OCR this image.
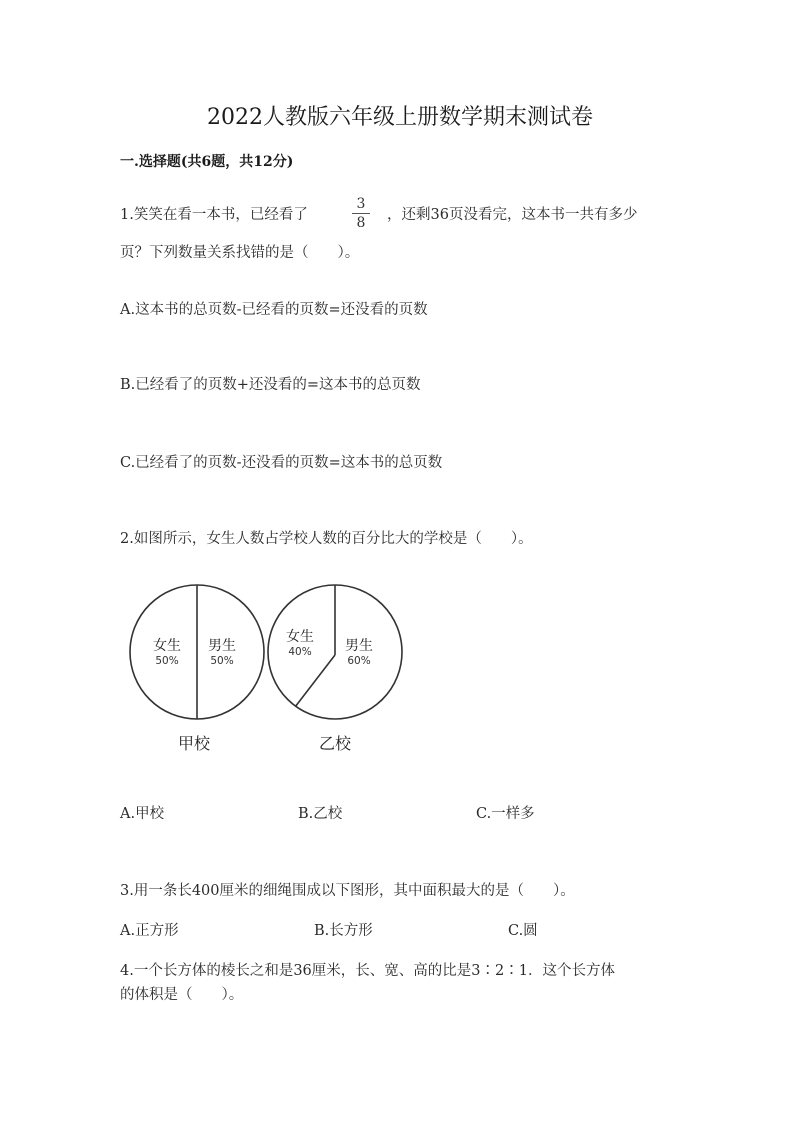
2022人教版六年级上册数学期末测试卷
一.选择题(共6题，共12分)
1.笑笑在看一本书，已经看了
3
8	，还剩36页没看完，这本书一共有多少
页？下列数量关系找错的是（　　）。
A.这本书的总页数-已经看的页数=还没看的页数
B.已经看了的页数+还没看的=这本书的总页数
C.已经看了的页数-还没看的页数=这本书的总页数
2.如图所示，女生人数占学校人数的百分比大的学校是（　　）。
女生
50%
男生
50%
女生
40% 男生
60%
甲校	乙校
A.甲校	B.乙校	C.一样多
3.用一条长400厘米的细绳围成以下图形，其中面积最大的是（　　）。
A.正方形	B.长方形	C.圆
4.一个长方体的棱长之和是36厘米，长、宽、高的比是3∶2∶1．这个长方体
的体积是（　　）。
